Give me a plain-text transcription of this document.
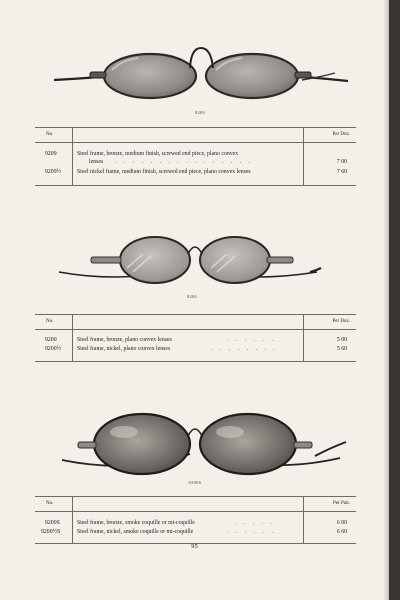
9209
No.	Per Doz.
9209	Steel frame, bronze, medium finish, screwed end piece, plano convex
lenses . . . . . . . . . . . . . . . .	7 00
9209½	Steel nickel frame, medium finish, screwed end piece, plano convex lenses	7 60
9200
No.	Per Doz.
9200	Steel frame, bronze, plano convex lenses	. . . . . .	5 00
9200½	Steel frame, nickel, plano convex lenses	. . . . . . . .	5 60
9200S
No.	Per Pair.
9200S	Steel frame, bronze, smoke coquille or mi-coquille	. . . . .	6 00
9200½S	Steel frame, nickel, smoke coquille or mi-coquille	. . . . . .	6 60
95
